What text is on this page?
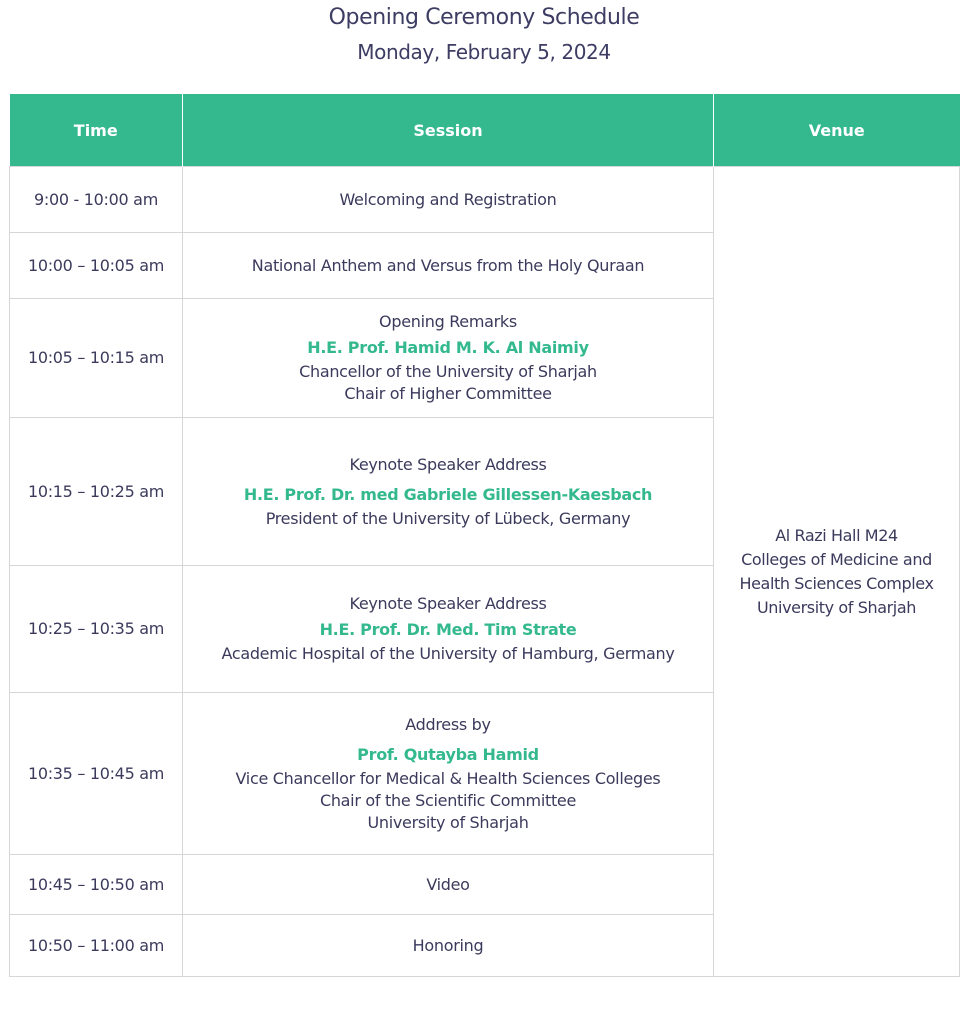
Opening Ceremony Schedule
Monday, February 5, 2024
Time	Session	Venue
9:00 - 10:00 am	Welcoming and Registration	Al Razi Hall M24
Colleges of Medicine and
Health Sciences Complex
University of Sharjah

10:00 – 10:05 am	National Anthem and Versus from the Holy Quraan	

10:05 – 10:15 am	Opening Remarks
H.E. Prof. Hamid M. K. Al Naimiy
Chancellor of the University of Sharjah
Chair of Higher Committee	

10:15 – 10:25 am	Keynote Speaker Address
H.E. Prof. Dr. med Gabriele Gillessen-Kaesbach
President of the University of Lübeck, Germany	

10:25 – 10:35 am	Keynote Speaker Address
H.E. Prof. Dr. Med. Tim Strate
Academic Hospital of the University of Hamburg, Germany	

10:35 – 10:45 am	Address by
Prof. Qutayba Hamid
Vice Chancellor for Medical & Health Sciences Colleges
Chair of the Scientific Committee
University of Sharjah	

10:45 – 10:50 am	Video	

10:50 – 11:00 am	Honoring	
